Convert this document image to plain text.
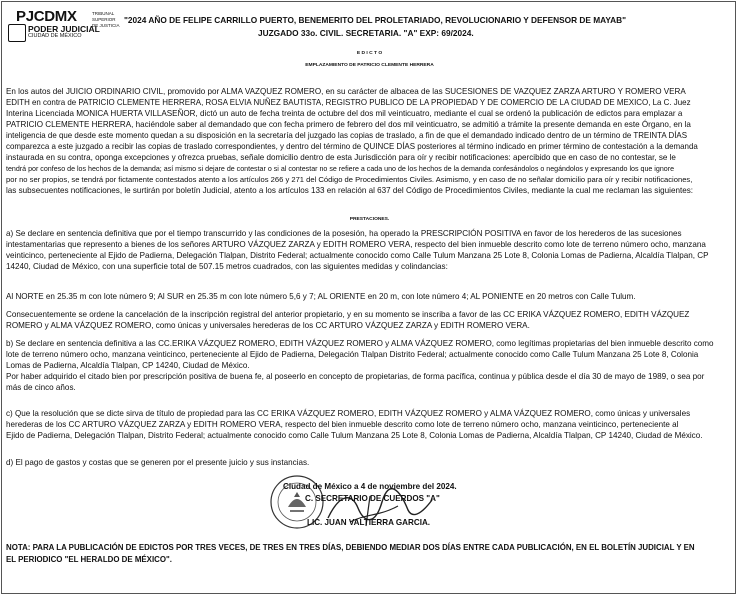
PJCDMX
PODER JUDICIAL
CIUDAD DE MÉXICO
TRIBUNAL SUPERIOR DE JUSTICIA
"2024 AÑO DE FELIPE CARRILLO PUERTO, BENEMERITO DEL PROLETARIADO, REVOLUCIONARIO Y DEFENSOR DE MAYAB"
JUZGADO 33o. CIVIL. SECRETARIA. "A" EXP: 69/2024.
E D I C T O
EMPLAZAMIENTO DE PATRICIO CLEMENTE HERRERA
En los autos del JUICIO ORDINARIO CIVIL, promovido por ALMA VAZQUEZ ROMERO, en su carácter de albacea de las SUCESIONES DE VAZQUEZ ZARZA ARTURO Y ROMERO VERA
EDITH en contra de PATRICIO CLEMENTE HERRERA, ROSA ELVIA NUÑEZ BAUTISTA, REGISTRO PUBLICO DE LA PROPIEDAD Y DE COMERCIO DE LA CIUDAD DE MEXICO, La C. Juez
Interina Licenciada MONICA HUERTA VILLASEÑOR, dictó un auto de fecha treinta de octubre del dos mil veinticuatro, mediante el cual se ordenó la publicación de edictos para emplazar a
PATRICIO CLEMENTE HERRERA, haciéndole saber al demandado que con fecha primero de febrero del dos mil veinticuatro, se admitió a trámite la presente demanda en este Órgano, en la
inteligencia de que desde este momento quedan a su disposición en la secretaría del juzgado las copias de traslado, a fin de que el demandado indicado dentro de un término de TREINTA DÍAS
comparezca a este juzgado a recibir las copias de traslado correspondientes, y dentro del término de QUINCE DÍAS posteriores al término indicado en primer término de contestación a la demanda
instaurada en su contra, oponga excepciones y ofrezca pruebas, señale domicilio dentro de esta Jurisdicción para oír y recibir notificaciones: apercibido que en caso de no contestar, se le
tendrá por confeso de los hechos de la demanda; así mismo si dejare de contestar o si al contestar no se refiere a cada uno de los hechos de la demanda confesándolos o negándolos y expresando los que ignore
por no ser propios, se tendrá por fictamente contestados atento a los artículos 266 y 271 del Código de Procedimientos Civiles. Asimismo, y en caso de no señalar domicilio para oír y recibir notificaciones,
las subsecuentes notificaciones, le surtirán por boletín Judicial, atento a los artículos 133 en relación al 637 del Código de Procedimientos Civiles, mediante la cual me reclaman las siguientes:
PRESTACIONES.
a) Se declare en sentencia definitiva que por el tiempo transcurrido y las condiciones de la posesión, ha operado la PRESCRIPCIÓN POSITIVA en favor de los herederos de las sucesiones
intestamentarias que represento a bienes de los señores ARTURO VÁZQUEZ ZARZA y EDITH ROMERO VERA, respecto del bien inmueble descrito como lote de terreno número ocho, manzana
veinticinco, perteneciente al Ejido de Padierna, Delegación Tlalpan, Distrito Federal; actualmente conocido como Calle Tulum Manzana 25 Lote 8, Colonia Lomas de Padierna, Alcaldía Tlalpan, CP
14240, Ciudad de México, con una superficie total de 507.15 metros cuadrados, con las siguientes medidas y colindancias:
Al NORTE en 25.35 m con lote número 9; Al SUR en 25.35 m con lote número 5,6 y 7; AL ORIENTE en 20 m, con lote número 4; AL PONIENTE en 20 metros con Calle Tulum.
Consecuentemente se ordene la cancelación de la inscripción registral del anterior propietario, y en su momento se inscriba a favor de las CC ERIKA VÁZQUEZ ROMERO, EDITH VÁZQUEZ
ROMERO y ALMA VÁZQUEZ ROMERO, como únicas y universales herederas de los CC ARTURO VÁZQUEZ ZARZA y EDITH ROMERO VERA.
b) Se declare en sentencia definitiva a las CC.ERIKA VÁZQUEZ ROMERO, EDITH VÁZQUEZ ROMERO y ALMA VÁZQUEZ ROMERO, como legítimas propietarias del bien inmueble descrito como
lote de terreno número ocho, manzana veinticinco, perteneciente al Ejido de Padierna, Delegación Tlalpan Distrito Federal; actualmente conocido como Calle Tulum Manzana 25 Lote 8, Colonia
Lomas de Padierna, Alcaldía Tlalpan, CP 14240, Ciudad de México.
Por haber adquirido el citado bien por prescripción positiva de buena fe, al poseerlo en concepto de propietarias, de forma pacífica, continua y pública desde el día 30 de mayo de 1989, o sea por
más de cinco años.
c) Que la resolución que se dicte sirva de título de propiedad para las CC ERIKA VÁZQUEZ ROMERO, EDITH VÁZQUEZ ROMERO y ALMA VÁZQUEZ ROMERO, como únicas y universales
herederas de los CC ARTURO VÁZQUEZ ZARZA y EDITH ROMERO VERA, respecto del bien inmueble descrito como lote de terreno número ocho, manzana veinticinco, perteneciente al
Ejido de Padierna, Delegación Tlalpan, Distrito Federal; actualmente conocido como Calle Tulum Manzana 25 Lote 8, Colonia Lomas de Padierna, Alcaldía Tlalpan, CP 14240, Ciudad de México.
d) El pago de gastos y costas que se generen por el presente juicio y sus instancias.
Ciudad de México a 4 de noviembre del 2024.
C. SECRETARIO DE CUERDOS "A"
LIC. JUAN VALTIERRA GARCIA.
NOTA: PARA LA PUBLICACIÓN DE EDICTOS POR TRES VECES, DE TRES EN TRES DÍAS, DEBIENDO MEDIAR DOS DÍAS ENTRE CADA PUBLICACIÓN, EN EL BOLETÍN JUDICIAL Y EN
EL PERIODICO "EL HERALDO DE MÉXICO".
